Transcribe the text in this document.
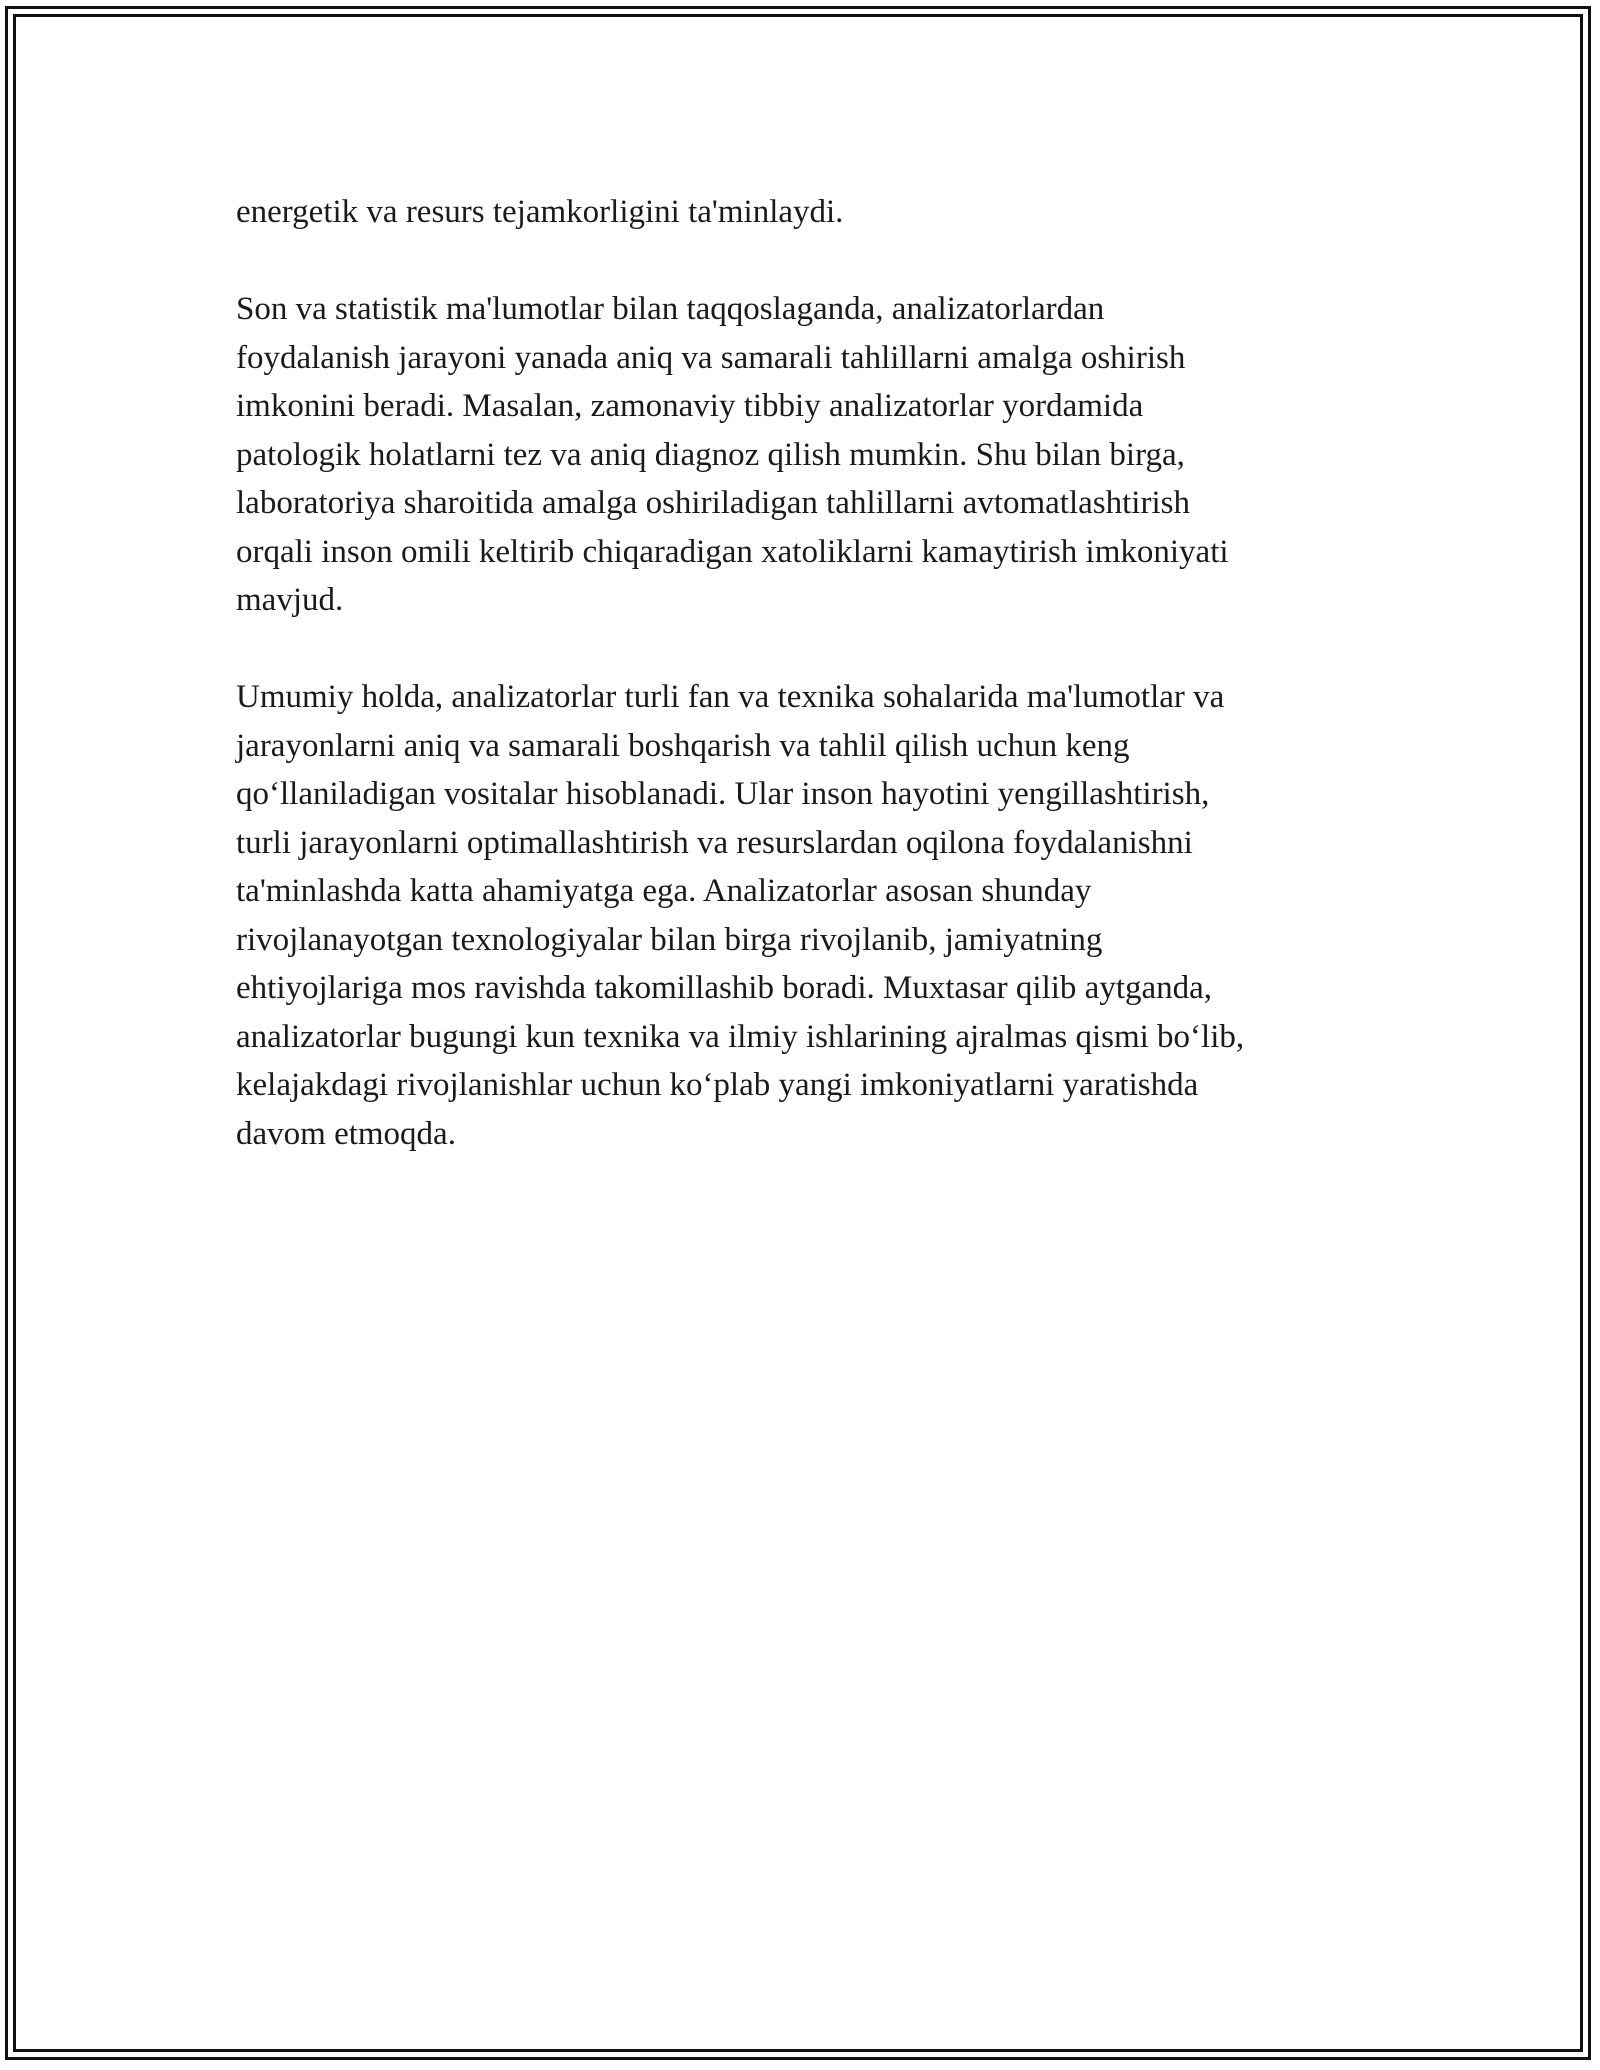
energetik va resurs tejamkorligini ta'minlaydi.
Son va statistik ma'lumotlar bilan taqqoslaganda, analizatorlardan
foydalanish jarayoni yanada aniq va samarali tahlillarni amalga oshirish
imkonini beradi. Masalan, zamonaviy tibbiy analizatorlar yordamida
patologik holatlarni tez va aniq diagnoz qilish mumkin. Shu bilan birga,
laboratoriya sharoitida amalga oshiriladigan tahlillarni avtomatlashtirish
orqali inson omili keltirib chiqaradigan xatoliklarni kamaytirish imkoniyati
mavjud.
Umumiy holda, analizatorlar turli fan va texnika sohalarida ma'lumotlar va
jarayonlarni aniq va samarali boshqarish va tahlil qilish uchun keng
qo‘llaniladigan vositalar hisoblanadi. Ular inson hayotini yengillashtirish,
turli jarayonlarni optimallashtirish va resurslardan oqilona foydalanishni
ta'minlashda katta ahamiyatga ega. Analizatorlar asosan shunday
rivojlanayotgan texnologiyalar bilan birga rivojlanib, jamiyatning
ehtiyojlariga mos ravishda takomillashib boradi. Muxtasar qilib aytganda,
analizatorlar bugungi kun texnika va ilmiy ishlarining ajralmas qismi bo‘lib,
kelajakdagi rivojlanishlar uchun ko‘plab yangi imkoniyatlarni yaratishda
davom etmoqda.
